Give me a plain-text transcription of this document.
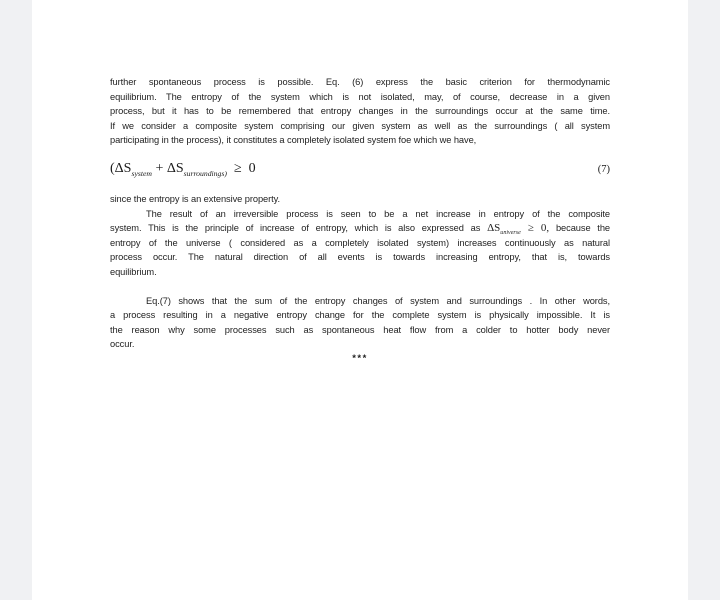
further spontaneous process is possible. Eq. (6) express the basic criterion for thermodynamic
equilibrium. The entropy of the system which is not isolated, may, of course, decrease in a given
process, but it has to be remembered that entropy changes in the surroundings occur at the same time.
If we consider a composite system comprising our given system as well as the surroundings ( all system
participating in the process), it constitutes a completely isolated system foe which we have,
($\Delta S_{system} + \Delta S_{surroundings)} \ge 0$	(7)
since the entropy is an extensive property.
The result of an irreversible process is seen to be a net increase in entropy of the composite
system. This is the principle of increase of entropy, which is also expressed as $\Delta S_{universe} \ge 0$, because the
entropy of the universe ( considered as a completely isolated system) increases continuously as natural
process occur. The natural direction of all events is towards increasing entropy, that is, towards
equilibrium.
Eq.(7) shows that the sum of the entropy changes of system and surroundings . In other words,
a process resulting in a negative entropy change for the complete system is physically impossible. It is
the reason why some processes such as spontaneous heat flow from a colder to hotter body never
occur.
***
